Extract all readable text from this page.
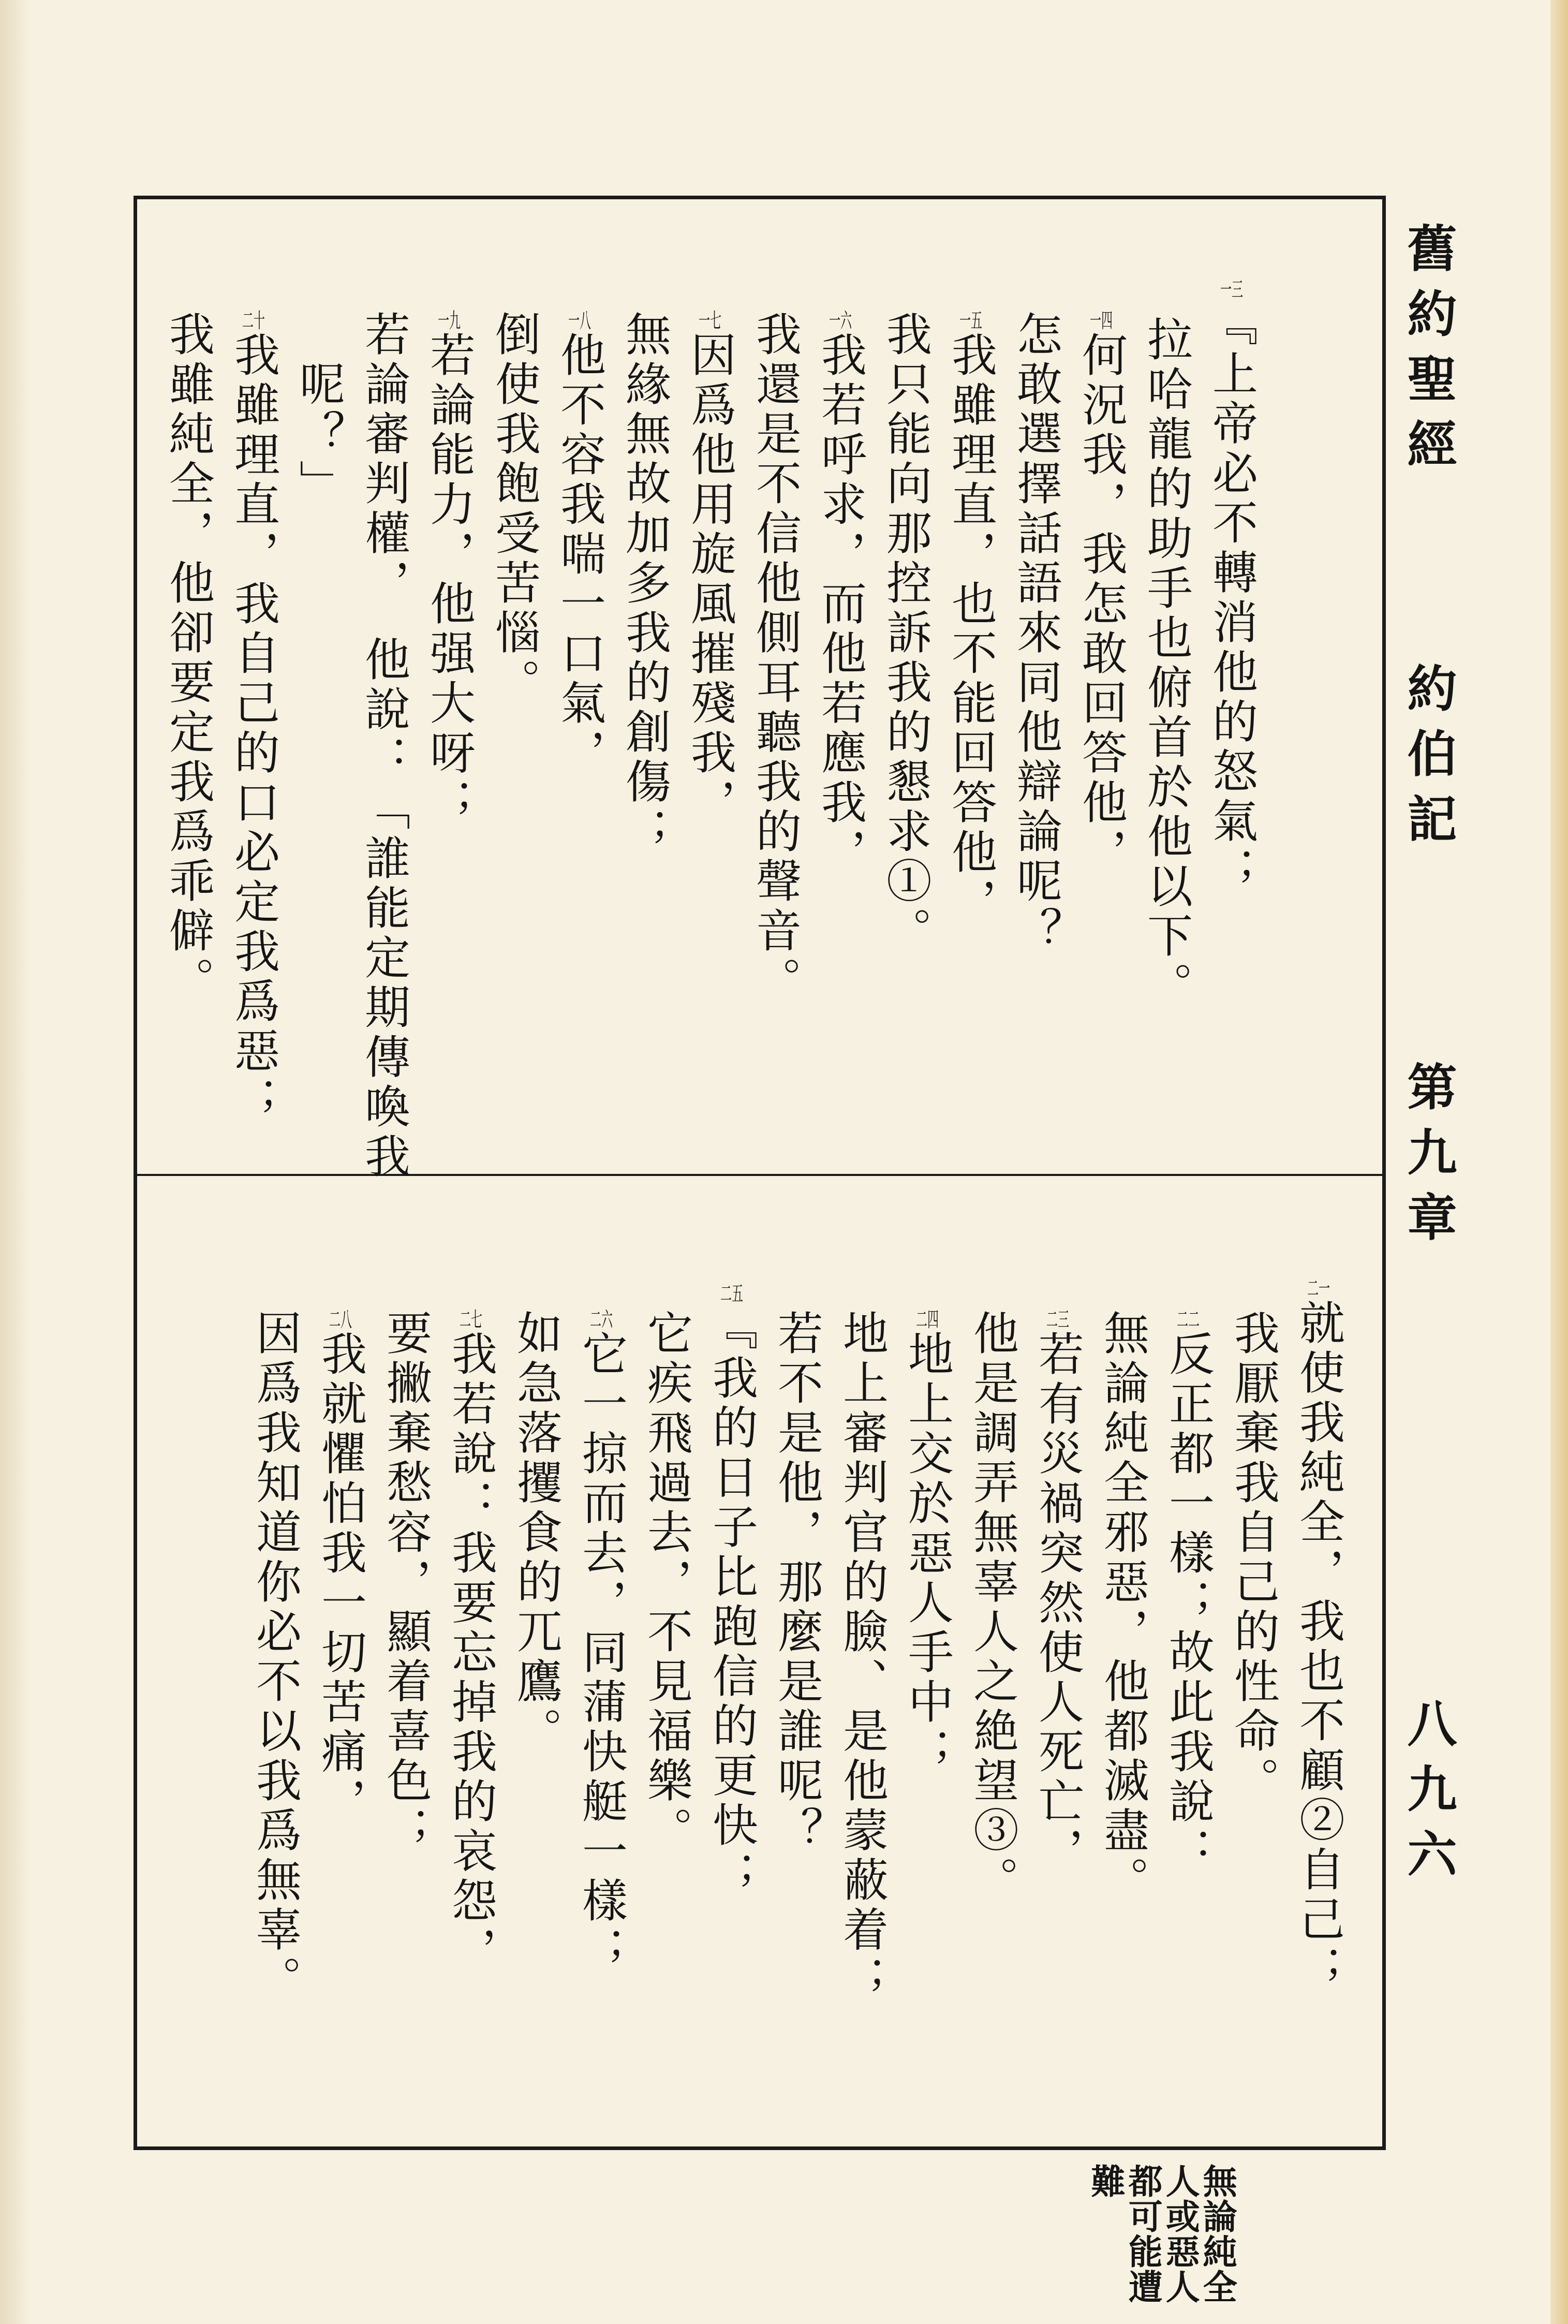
舊約聖經
約伯記
第九章
八九六
一三『上帝必不轉消他的怒氣；
拉哈龍的助手也俯首於他以下。
一四何況我，我怎敢回答他，
怎敢選擇話語來同他辯論呢？
一五我雖理直，也不能回答他，
我只能向那控訴我的懇求①。
一六我若呼求，而他若應我，
我還是不信他側耳聽我的聲音。
一七因爲他用旋風摧殘我，
無緣無故加多我的創傷；
一八他不容我喘一口氣，
倒使我飽受苦惱。
一九若論能力，他强大呀；
若論審判權，　他說：「誰能定期傳喚我
　呢？」
二十我雖理直，我自己的口必定我爲惡；
我雖純全，他卻要定我爲乖僻。
二一就使我純全，我也不顧②自己；
我厭棄我自己的性命。
二二反正都一樣；故此我說：
無論純全邪惡，他都滅盡。
二三若有災禍突然使人死亡，
他是調弄無辜人之絶望③。
二四地上交於惡人手中；
地上審判官的臉、是他蒙蔽着；
若不是他，那麼是誰呢？
二五『我的日子比跑信的更快；
它疾飛過去，不見福樂。
二六它一掠而去，同蒲快艇一樣；
如急落攫食的兀鷹。
二七我若說：我要忘掉我的哀怨，
要撇棄愁容，顯着喜色；
二八我就懼怕我一切苦痛，
因爲我知道你必不以我爲無辜。
無論純全
人或惡人
都可能遭
難
